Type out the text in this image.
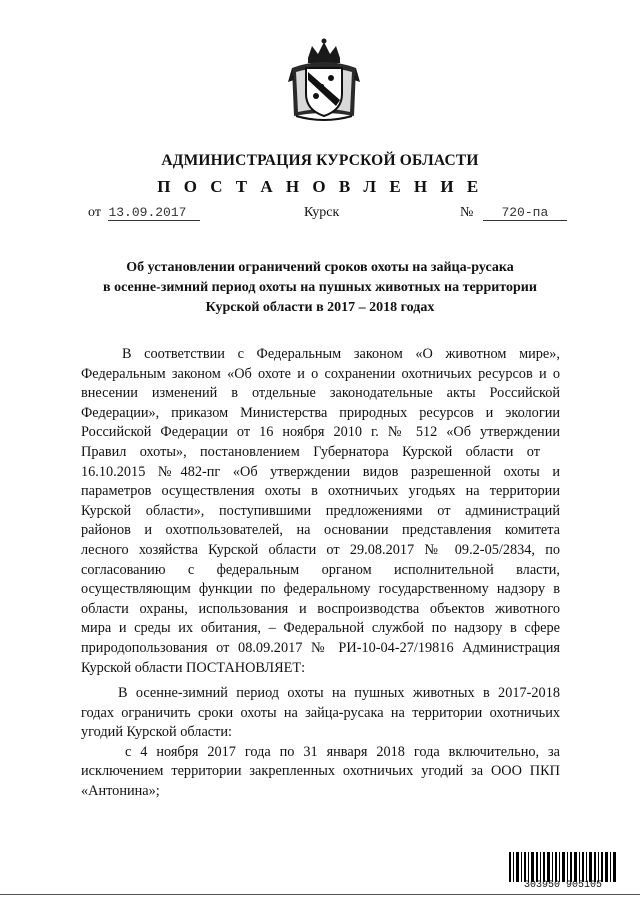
АДМИНИСТРАЦИЯ КУРСКОЙ ОБЛАСТИ
П О С Т А Н О В Л Е Н И Е
от 13.09.2017	Курск	№ 720-па
Об установлении ограничений сроков охоты на зайца-русака
в осенне-зимний период охоты на пушных животных на территории
Курской области в 2017 – 2018 годах
В соответствии с Федеральным законом «О животном мире»,
Федеральным законом «Об охоте и о сохранении охотничьих ресурсов и о
внесении изменений в отдельные законодательные акты Российской
Федерации», приказом Министерства природных ресурсов и экологии
Российской Федерации от 16 ноября 2010 г. № 512 «Об утверждении
Правил охоты», постановлением Губернатора Курской области от
16.10.2015 №482-пг «Об утверждении видов разрешенной охоты и
параметров осуществления охоты в охотничьих угодьях на территории
Курской области», поступившими предложениями от администраций
районов и охотпользователей, на основании представления комитета
лесного хозяйства Курской области от 29.08.2017 № 09.2-05/2834, по
согласованию с федеральным органом исполнительной власти,
осуществляющим функции по федеральному государственному надзору в
области охраны, использования и воспроизводства объектов животного
мира и среды их обитания, – Федеральной службой по надзору в сфере
природопользования от 08.09.2017 № РИ-10-04-27/19816 Администрация
Курской области ПОСТАНОВЛЯЕТ:
В осенне-зимний период охоты на пушных животных в 2017-2018
годах ограничить сроки охоты на зайца-русака на территории охотничьих
угодий Курской области:
с 4 ноября 2017 года по 31 января 2018 года включительно, за
исключением территории закрепленных охотничьих угодий за ООО ПКП
«Антонина»;
303950 905105
